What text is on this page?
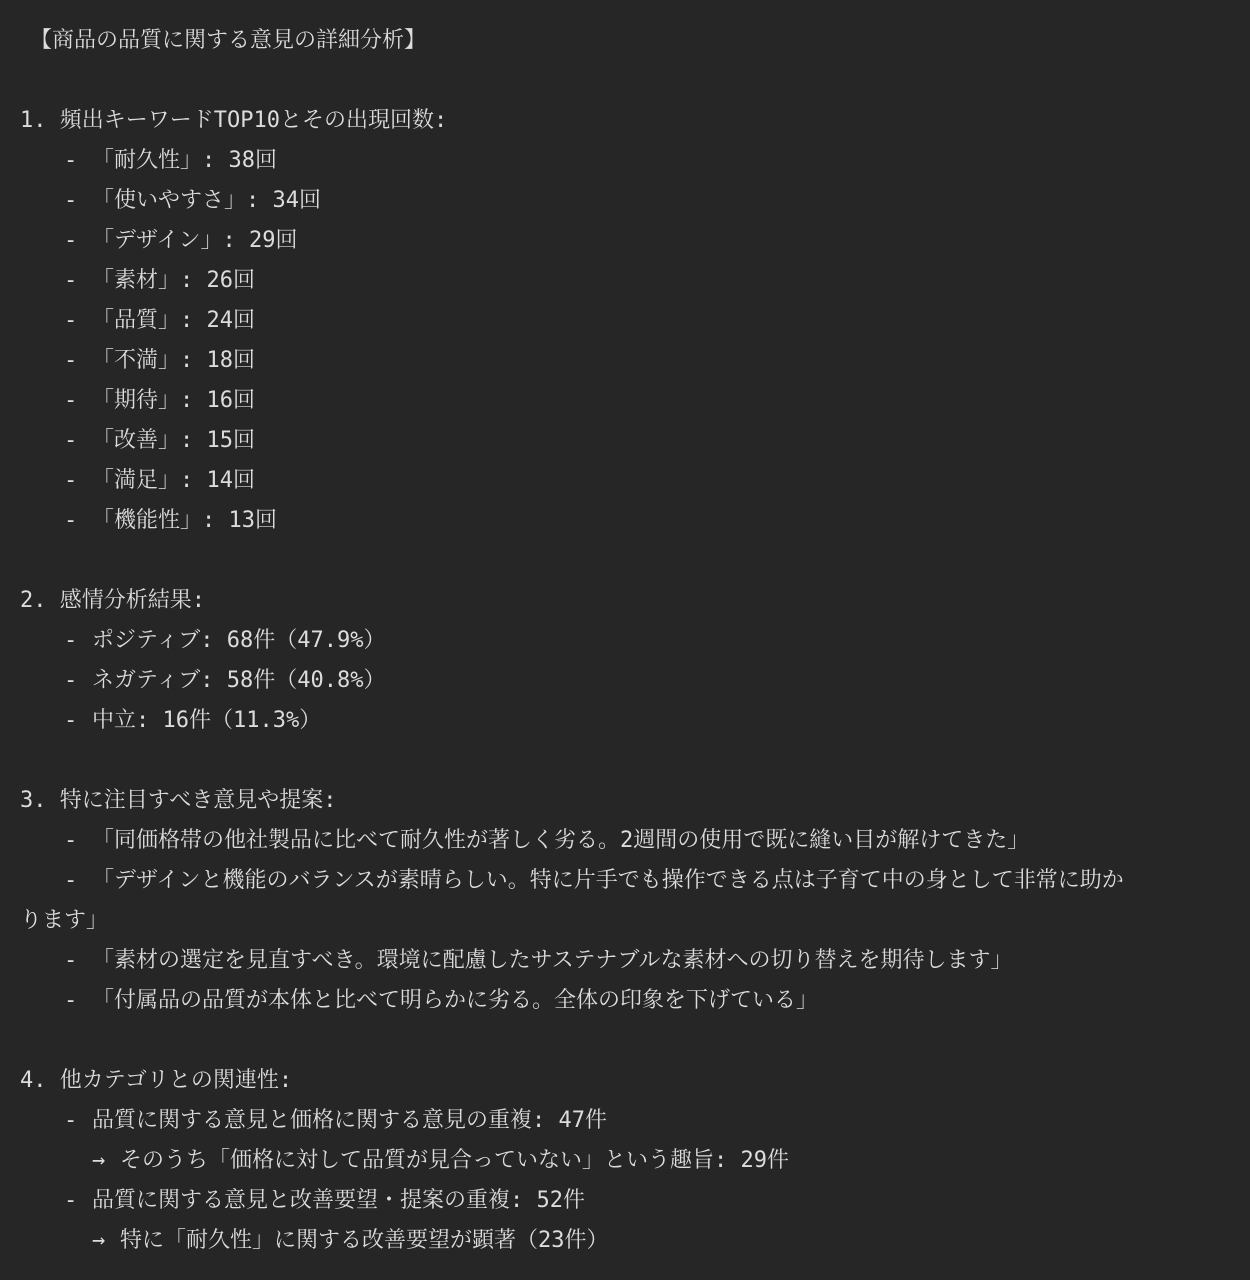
【商品の品質に関する意見の詳細分析】
1. 頻出キーワードTOP10とその出現回数:
- 「耐久性」: 38回
- 「使いやすさ」: 34回
- 「デザイン」: 29回
- 「素材」: 26回
- 「品質」: 24回
- 「不満」: 18回
- 「期待」: 16回
- 「改善」: 15回
- 「満足」: 14回
- 「機能性」: 13回
2. 感情分析結果:
- ポジティブ: 68件（47.9%）
- ネガティブ: 58件（40.8%）
- 中立: 16件（11.3%）
3. 特に注目すべき意見や提案:
- 「同価格帯の他社製品に比べて耐久性が著しく劣る。2週間の使用で既に縫い目が解けてきた」
- 「デザインと機能のバランスが素晴らしい。特に片手でも操作できる点は子育て中の身として非常に助か
ります」
- 「素材の選定を見直すべき。環境に配慮したサステナブルな素材への切り替えを期待します」
- 「付属品の品質が本体と比べて明らかに劣る。全体の印象を下げている」
4. 他カテゴリとの関連性:
- 品質に関する意見と価格に関する意見の重複: 47件
→ そのうち「価格に対して品質が見合っていない」という趣旨: 29件
- 品質に関する意見と改善要望・提案の重複: 52件
→ 特に「耐久性」に関する改善要望が顕著（23件）
